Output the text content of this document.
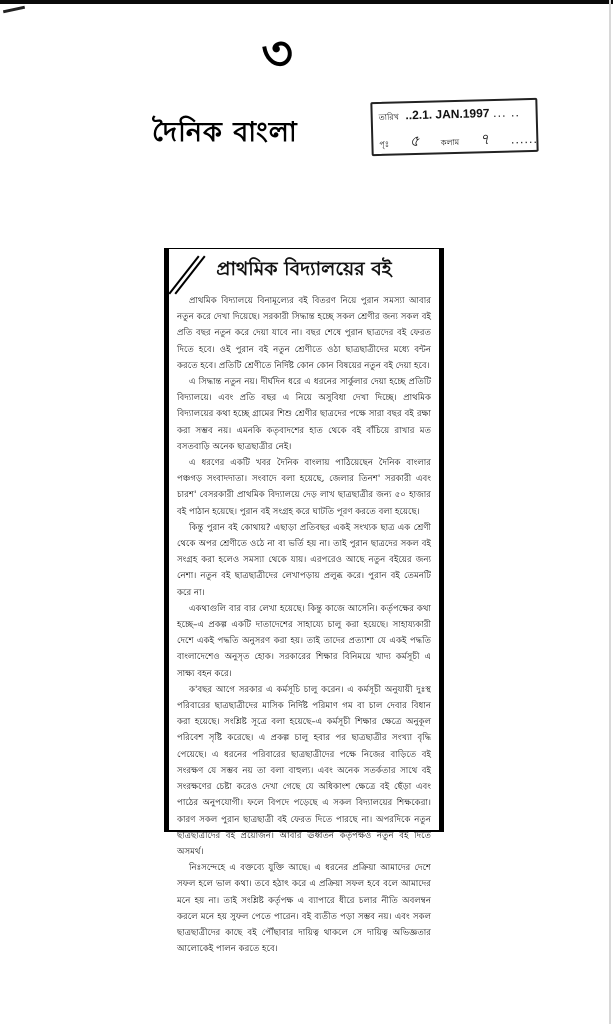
৩
দৈনিক বাংলা	তারিখ ..2.1. JAN.1997 ... ..
পৃঃ ৫	কলাম ৭ ......
প্রাথমিক বিদ্যালয়ের বই

প্রাথমিক বিদ্যালয়ে বিনামূল্যের বই বিতরণ নিয়ে পুরান সমস্যা আবার নতুন করে দেখা দিয়েছে। সরকারী সিদ্ধান্ত হচ্ছে সকল শ্রেণীর জন্য সকল বই প্রতি বছর নতুন করে দেয়া যাবে না। বছর শেষে পুরান ছাত্রদের বই ফেরত দিতে হবে। ওই পুরান বই নতুন শ্রেণীতে ওঠা ছাত্রছাত্রীদের মধ্যে বন্টন করতে হবে। প্রতিটি শ্রেণীতে নির্দিষ্ট কোন কোন বিষয়ের নতুন বই দেয়া হবে।

এ সিদ্ধান্ত নতুন নয়। দীর্ঘদিন ধরে এ ধরনের সার্কুলার দেয়া হচ্ছে প্রতিটি বিদ্যালয়ে। এবং প্রতি বছর এ নিয়ে অসুবিধা দেখা দিচ্ছে। প্রাথমিক বিদ্যালয়ের কথা হচ্ছে গ্রামের শিশু শ্রেণীর ছাত্রদের পক্ষে সারা বছর বই রক্ষা করা সম্ভব নয়। এমনকি কতৃবাদশের হাত থেকে বই বাঁচিয়ে রাখার মত বসতবাড়ি অনেক ছাত্রছাত্রীর নেই।

এ ধরণের একটি খবর দৈনিক বাংলায় পাঠিয়েছেন দৈনিক বাংলার পঞ্চগড় সংবাদদাতা। সংবাদে বলা হয়েছে, জেলার তিনশ' সরকারী এবং চারশ' বেসরকারী প্রাথমিক বিদ্যালয়ে দেড় লাখ ছাত্রছাত্রীর জন্য ৫০ হাজার বই পাঠান হয়েছে। পুরান বই সংগ্রহ করে ঘাটতি পূরণ করতে বলা হয়েছে।

কিন্তু পুরান বই কোথায়? এছাড়া প্রতিবছর একই সংখ্যক ছাত্র এক শ্রেণী থেকে অপর শ্রেণীতে ওঠে না বা ভর্তি হয় না। তাই পুরান ছাত্রদের সকল বই সংগ্রহ করা হলেও সমস্যা থেকে যায়। এরপরেও আছে নতুন বইয়ের জন্য নেশা। নতুন বই ছাত্রছাত্রীদের লেখাপড়ায় প্রলুব্ধ করে। পুরান বই তেমনটি করে না।

একথাগুলি বার বার লেখা হয়েছে। কিন্তু কাজে আসেনি। কর্তৃপক্ষের কথা হচ্ছে–এ প্রকল্প একটি দাতাদেশের সাহায্যে চালু করা হয়েছে। সাহায্যকারী দেশে একই পদ্ধতি অনুসরণ করা হয়। তাই তাদের প্রত্যাশা যে একই পদ্ধতি বাংলাদেশেও অনুসৃত হোক। সরকারের শিক্ষার বিনিময়ে খাদ্য কর্মসূচী এ সাক্ষ্য বহন করে।

ক'বছর আগে সরকার এ কর্মসূচি চালু করেন। এ কর্মসূচী অনুযায়ী দুঃস্থ পরিবারের ছাত্রছাত্রীদের মাসিক নির্দিষ্ট পরিমাণ গম বা চাল দেবার বিধান করা হয়েছে। সংশ্লিষ্ট সূত্রে বলা হয়েছে–এ কর্মসূচী শিক্ষার ক্ষেত্রে অনুকূল পরিবেশ সৃষ্টি করেছে। এ প্রকল্প চালু হবার পর ছাত্রছাত্রীর সংখ্যা বৃদ্ধি পেয়েছে। এ ধরনের পরিবারের ছাত্রছাত্রীদের পক্ষে নিজের বাড়িতে বই সংরক্ষণ যে সম্ভব নয় তা বলা বাহুল্য। এবং অনেক সতর্কতার সাথে বই সংরক্ষণের চেষ্টা করেও দেখা গেছে যে অধিকাংশ ক্ষেত্রে বই ছেঁড়া এবং পাঠের অনুপযোগী। ফলে বিপদে পড়েছে এ সকল বিদ্যালয়ের শিক্ষকেরা। কারণ সকল পুরান ছাত্রছাত্রী বই ফেরত দিতে পারছে না। অপরদিকে নতুন ছাত্রছাত্রীদের বই প্রয়োজন। আবার ঊর্ধ্বতন কর্তৃপক্ষও নতুন বই দিতে অসমর্থ।

নিঃসন্দেহে এ বক্তব্যে যুক্তি আছে। এ ধরনের প্রক্রিয়া আমাদের দেশে সফল হলে ভাল কথা। তবে হঠাৎ করে এ প্রক্রিয়া সফল হবে বলে আমাদের মনে হয় না। তাই সংশ্লিষ্ট কর্তৃপক্ষ এ ব্যাপারে ধীরে চলার নীতি অবলম্বন করলে মনে হয় সুফল পেতে পারেন। বই ব্যতীত পড়া সম্ভব নয়। এবং সকল ছাত্রছাত্রীদের কাছে বই পৌঁছাবার দায়িত্ব থাকলে সে দায়িত্ব অভিজ্ঞতার আলোকেই পালন করতে হবে।
